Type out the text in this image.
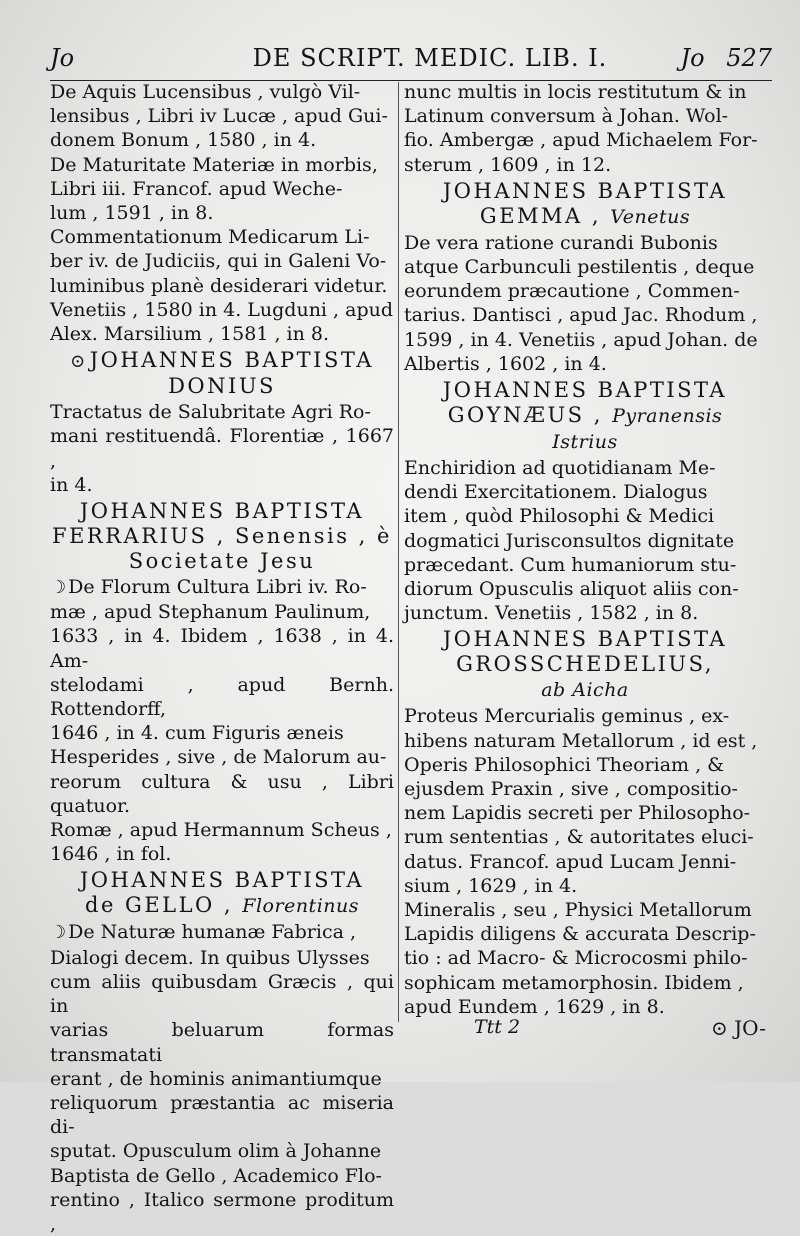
Jo	DE SCRIPT. MEDIC. LIB. I.	Jo 527

De Aquis Lucensibus , vulgò Vil-
lensibus , Libri iv Lucæ , apud Gui-
donem Bonum , 1580 , in 4.

De Maturitate Materiæ in morbis,
Libri iii. Francof. apud Weche-
lum , 1591 , in 8.

Commentationum Medicarum Li-
ber iv. de Judiciis, qui in Galeni Vo-
luminibus planè desiderari videtur.
Venetiis , 1580 in 4. Lugduni , apud
Alex. Marsilium , 1581 , in 8.

⊙JOHANNES BAPTISTA
DONIUS

Tractatus de Salubritate Agri Ro-
mani restituendâ. Florentiæ , 1667 ,
in 4.

JOHANNES BAPTISTA
FERRARIUS , Senensis , è
Societate Jesu

☽ De Florum Cultura Libri iv. Ro-
mæ , apud Stephanum Paulinum,
1633 , in 4. Ibidem , 1638 , in 4. Am-
stelodami , apud Bernh. Rottendorff,
1646 , in 4. cum Figuris æneis

Hesperides , sive , de Malorum au-
reorum cultura & usu , Libri quatuor.
Romæ , apud Hermannum Scheus ,
1646 , in fol.

JOHANNES BAPTISTA
de GELLO , Florentinus

☽ De Naturæ humanæ Fabrica ,
Dialogi decem. In quibus Ulysses
cum aliis quibusdam Græcis , qui in
varias beluarum formas transmatati
erant , de hominis animantiumque
reliquorum præstantia ac miseria di-
sputat. Opusculum olim à Johanne
Baptista de Gello , Academico Flo-
rentino , Italico sermone proditum ,

nunc multis in locis restitutum & in
Latinum conversum à Johan. Wol-
fio. Ambergæ , apud Michaelem For-
sterum , 1609 , in 12.

JOHANNES BAPTISTA
GEMMA , Venetus

De vera ratione curandi Bubonis
atque Carbunculi pestilentis , deque
eorundem præcautione , Commen-
tarius. Dantisci , apud Jac. Rhodum ,
1599 , in 4. Venetiis , apud Johan. de
Albertis , 1602 , in 4.

JOHANNES BAPTISTA
GOYNÆUS , Pyranensis
Istrius

Enchiridion ad quotidianam Me-
dendi Exercitationem. Dialogus
item , quòd Philosophi & Medici
dogmatici Jurisconsultos dignitate
præcedant. Cum humaniorum stu-
diorum Opusculis aliquot aliis con-
junctum. Venetiis , 1582 , in 8.

JOHANNES BAPTISTA
GROSSCHEDELIUS,
ab Aicha

Proteus Mercurialis geminus , ex-
hibens naturam Metallorum , id est ,
Operis Philosophici Theoriam , &
ejusdem Praxin , sive , compositio-
nem Lapidis secreti per Philosopho-
rum sententias , & autoritates eluci-
datus. Francof. apud Lucam Jenni-
sium , 1629 , in 4.

Mineralis , seu , Physici Metallorum
Lapidis diligens & accurata Descrip-
tio : ad Macro- & Microcosmi philo-
sophicam metamorphosin. Ibidem ,
apud Eundem , 1629 , in 8.

Ttt 2	⊙ JO-
